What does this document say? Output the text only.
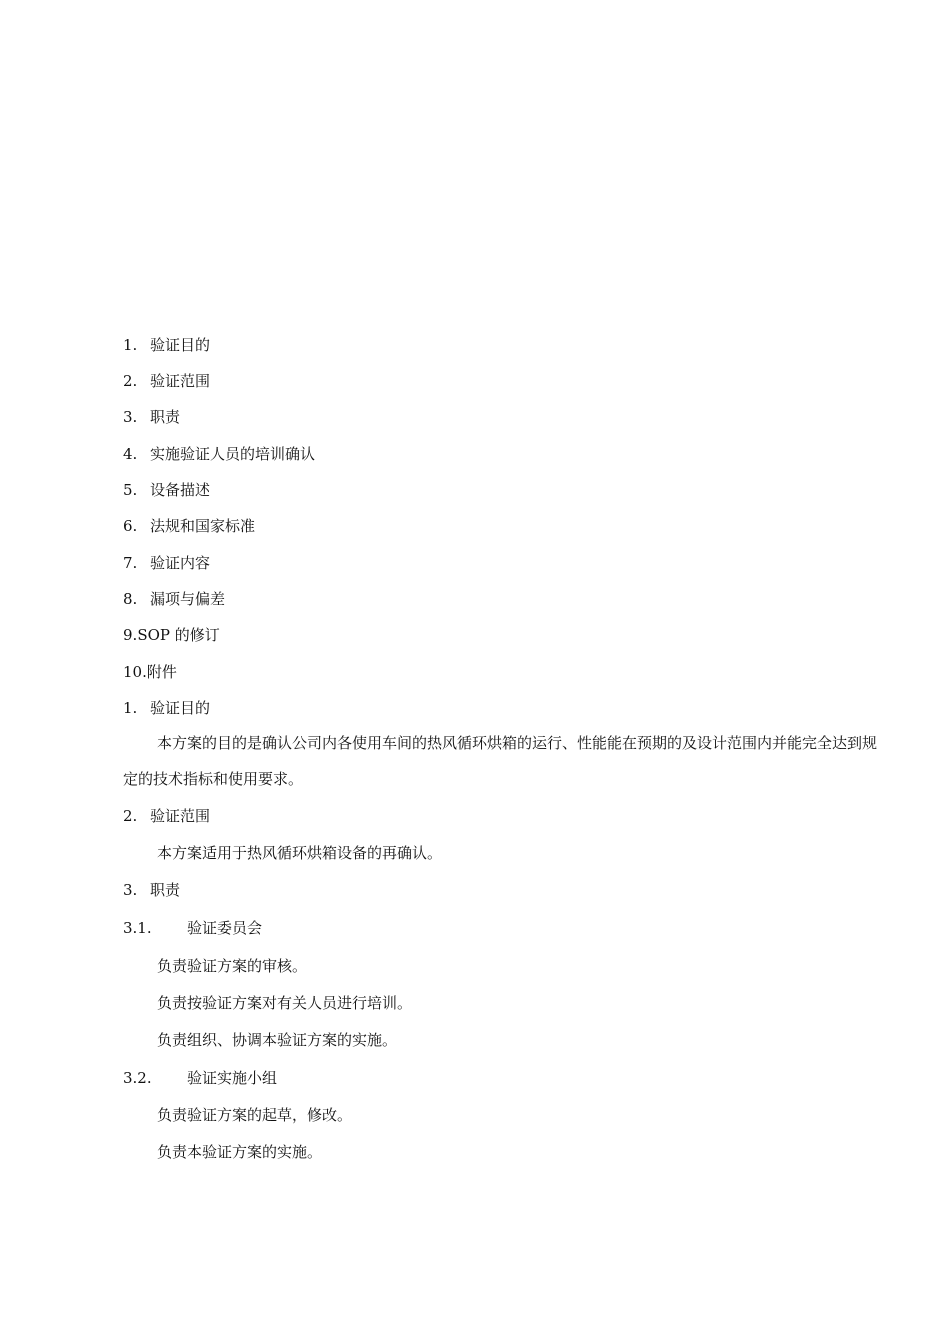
1. 验证目的
2. 验证范围
3. 职责
4. 实施验证人员的培训确认
5. 设备描述
6. 法规和国家标准
7. 验证内容
8. 漏项与偏差
9.SOP 的修订
10.附件
1. 验证目的

本方案的目的是确认公司内各使用车间的热风循环烘箱的运行、性能能在预期的及设计范围内并能完全达到规定的技术指标和使用要求。

2. 验证范围
本方案适用于热风循环烘箱设备的再确认。
3. 职责
3.1. 验证委员会
负责验证方案的审核。
负责按验证方案对有关人员进行培训。
负责组织、协调本验证方案的实施。
3.2. 验证实施小组
负责验证方案的起草，修改。
负责本验证方案的实施。
